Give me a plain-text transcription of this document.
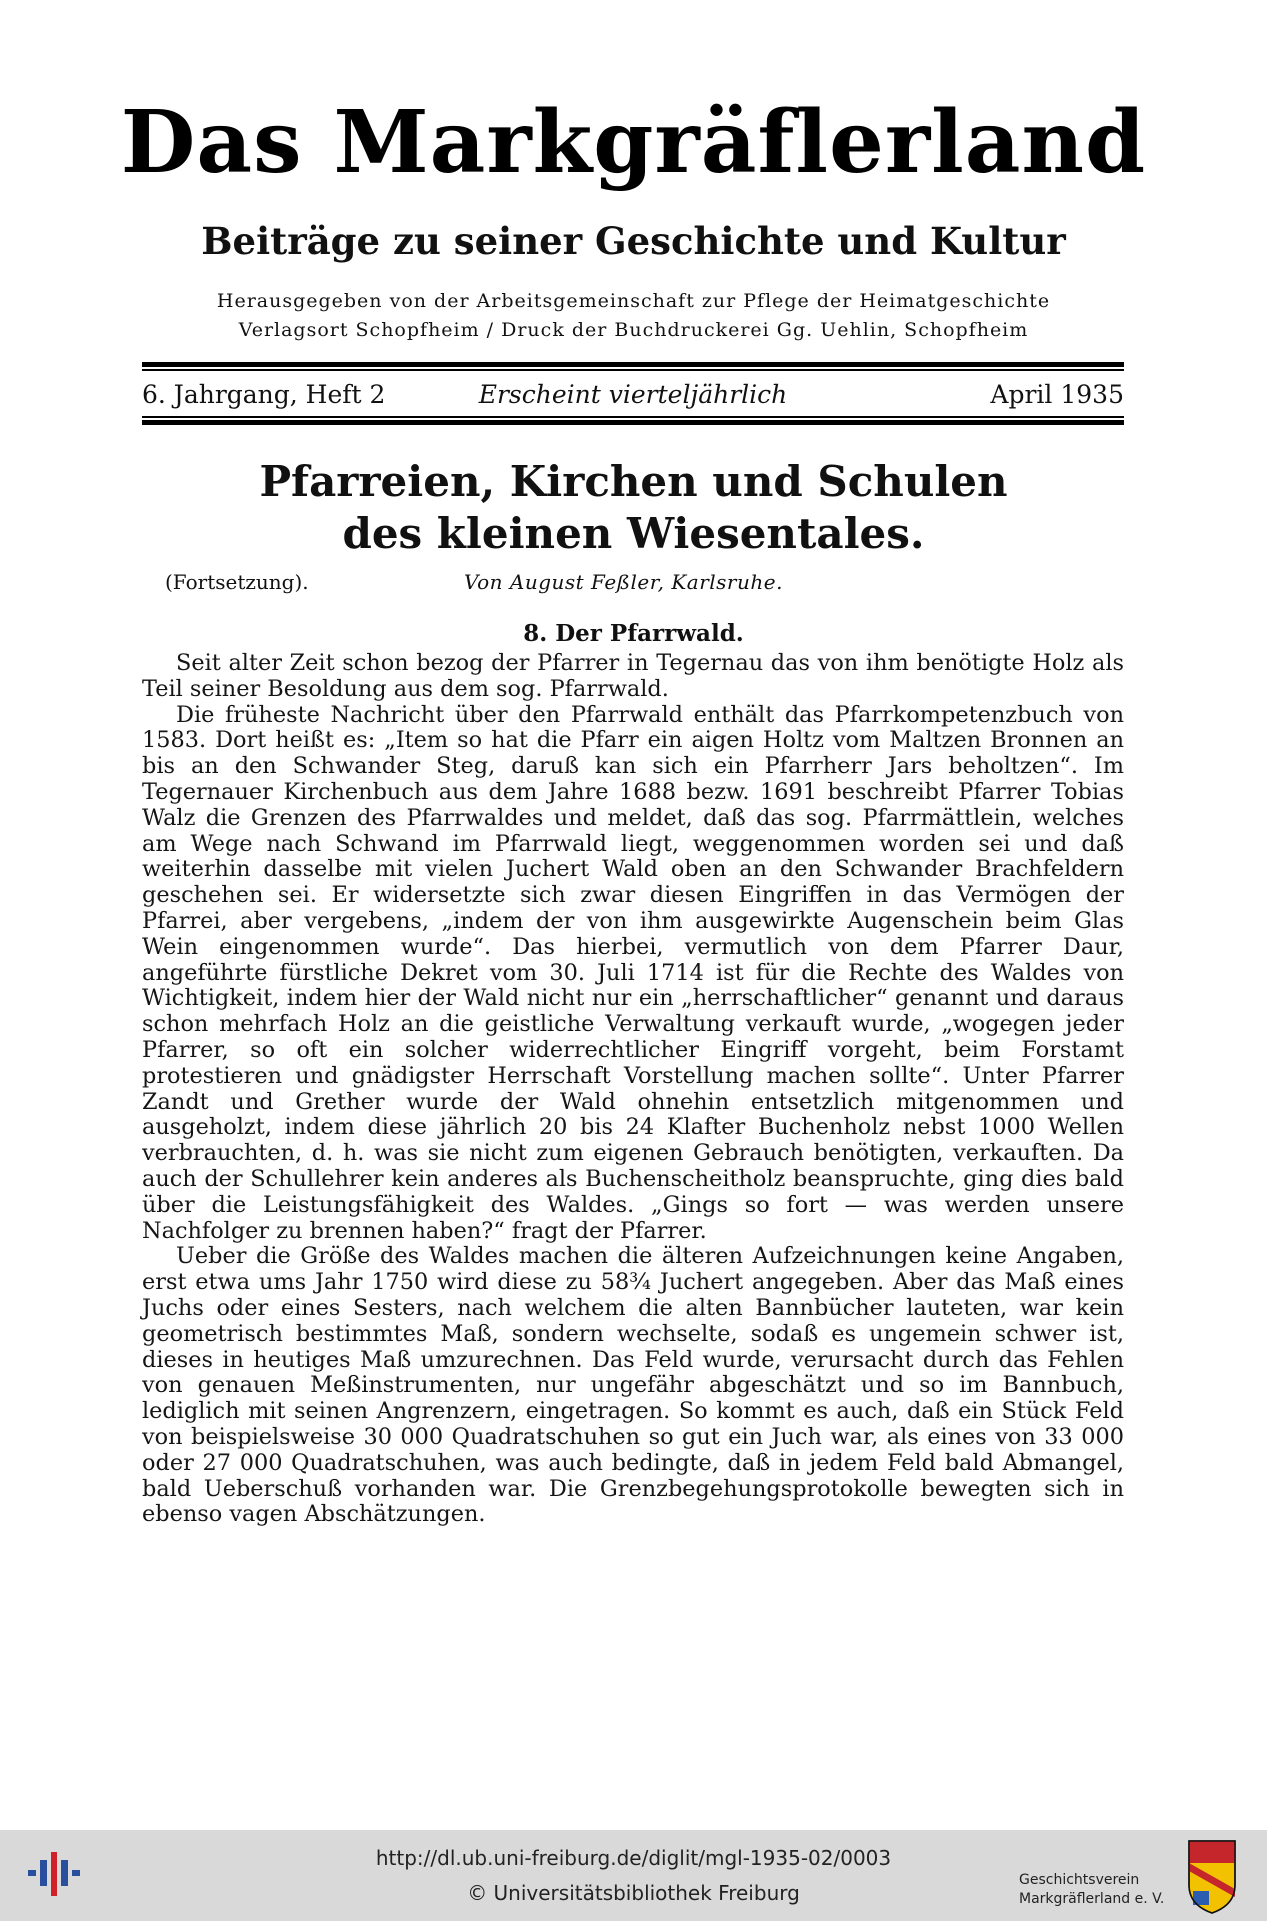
Das Markgräflerland
Beiträge zu seiner Geschichte und Kultur
Herausgegeben von der Arbeitsgemeinschaft zur Pflege der Heimatgeschichte
Verlagsort Schopfheim / Druck der Buchdruckerei Gg. Uehlin, Schopfheim
6. Jahrgang, Heft 2	Erscheint vierteljährlich	April 1935
Pfarreien, Kirchen und Schulen
des kleinen Wiesentales.
(Fortsetzung).	Von August Feßler, Karlsruhe.
8. Der Pfarrwald.

Seit alter Zeit schon bezog der Pfarrer in Tegernau das von ihm benötigte Holz als Teil seiner Besoldung aus dem sog. Pfarrwald.

Die früheste Nachricht über den Pfarrwald enthält das Pfarrkompetenzbuch von 1583. Dort heißt es: „Item so hat die Pfarr ein aigen Holtz vom Maltzen Bronnen an bis an den Schwander Steg, daruß kan sich ein Pfarrherr Jars beholtzen“. Im Tegernauer Kirchenbuch aus dem Jahre 1688 bezw. 1691 beschreibt Pfarrer Tobias Walz die Grenzen des Pfarrwaldes und meldet, daß das sog. Pfarrmättlein, welches am Wege nach Schwand im Pfarrwald liegt, weggenommen worden sei und daß weiterhin dasselbe mit vielen Juchert Wald oben an den Schwander Brachfeldern geschehen sei. Er widersetzte sich zwar diesen Eingriffen in das Vermögen der Pfarrei, aber vergebens, „indem der von ihm ausgewirkte Augenschein beim Glas Wein eingenommen wurde“. Das hierbei, vermutlich von dem Pfarrer Daur, angeführte fürstliche Dekret vom 30. Juli 1714 ist für die Rechte des Waldes von Wichtigkeit, indem hier der Wald nicht nur ein „herrschaftlicher“ genannt und daraus schon mehrfach Holz an die geistliche Verwaltung verkauft wurde, „wogegen jeder Pfarrer, so oft ein solcher widerrechtlicher Eingriff vorgeht, beim Forstamt protestieren und gnädigster Herrschaft Vorstellung machen sollte“. Unter Pfarrer Zandt und Grether wurde der Wald ohnehin entsetzlich mitgenommen und ausgeholzt, indem diese jährlich 20 bis 24 Klafter Buchenholz nebst 1000 Wellen verbrauchten, d. h. was sie nicht zum eigenen Gebrauch benötigten, verkauften. Da auch der Schullehrer kein anderes als Buchenscheitholz beanspruchte, ging dies bald über die Leistungsfähigkeit des Waldes. „Gings so fort — was werden unsere Nachfolger zu brennen haben?“ fragt der Pfarrer.

Ueber die Größe des Waldes machen die älteren Aufzeichnungen keine Angaben, erst etwa ums Jahr 1750 wird diese zu 58¾ Juchert angegeben. Aber das Maß eines Juchs oder eines Sesters, nach welchem die alten Bannbücher lauteten, war kein geometrisch bestimmtes Maß, sondern wechselte, sodaß es ungemein schwer ist, dieses in heutiges Maß umzurechnen. Das Feld wurde, verursacht durch das Fehlen von genauen Meßinstrumenten, nur ungefähr abgeschätzt und so im Bannbuch, lediglich mit seinen Angrenzern, eingetragen. So kommt es auch, daß ein Stück Feld von beispielsweise 30 000 Quadratschuhen so gut ein Juch war, als eines von 33 000 oder 27 000 Quadratschuhen, was auch bedingte, daß in jedem Feld bald Abmangel, bald Ueberschuß vorhanden war. Die Grenzbegehungsprotokolle bewegten sich in ebenso vagen Abschätzungen.

http://dl.ub.uni-freiburg.de/diglit/mgl-1935-02/0003
© Universitätsbibliothek Freiburg
Geschichtsverein
Markgräflerland e. V.
